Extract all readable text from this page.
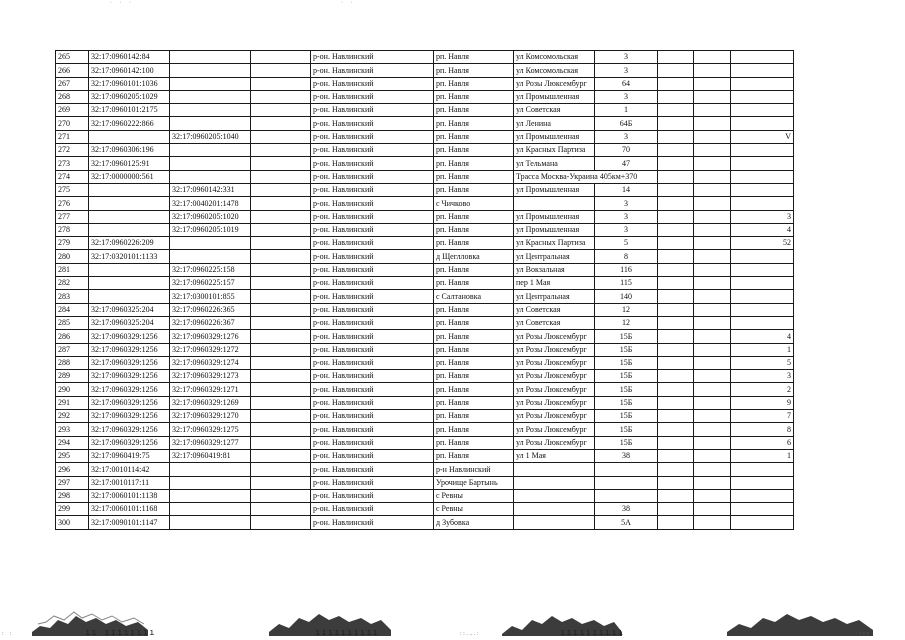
· · ·                                              · ·
265	32:17:0960142:84			р-он. Навлинский	рп. Навля	ул Комсомольская	3			
266	32:17:0960142:100			р-он. Навлинский	рп. Навля	ул Комсомольская	3			
267	32:17:0960101:1036			р-он. Навлинский	рп. Навля	ул Розы Люксембург	64			
268	32:17:0960205:1029			р-он. Навлинский	рп. Навля	ул Промышленная	3			
269	32:17:0960101:2175			р-он. Навлинский	рп. Навля	ул Советская	1			
270	32:17:0960222:866			р-он. Навлинский	рп. Навля	ул Ленина	64Б			
271		32:17:0960205:1040		р-он. Навлинский	рп. Навля	ул Промышленная	3			V
272	32:17:0960306:196			р-он. Навлинский	рп. Навля	ул Красных Партиза	70			
273	32:17:0960125:91			р-он. Навлинский	рп. Навля	ул Тельмана	47			
274	32:17:0000000:561			р-он. Навлинский	рп. Навля	Трасса Москва-Украина 405км+370				
275		32:17:0960142:331		р-он. Навлинский	рп. Навля	ул Промышленная	14			
276		32:17:0040201:1478		р-он. Навлинский	с Чичково		3			
277		32:17:0960205:1020		р-он. Навлинский	рп. Навля	ул Промышленная	3			3
278		32:17:0960205:1019		р-он. Навлинский	рп. Навля	ул Промышленная	3			4
279	32:17:0960226:209			р-он. Навлинский	рп. Навля	ул Красных Партиза	5			52
280	32:17:0320101:1133			р-он. Навлинский	д Щеглловка	ул Центральная	8			
281		32:17:0960225:158		р-он. Навлинский	рп. Навля	ул Вокзальная	116			
282		32:17:0960225:157		р-он. Навлинский	рп. Навля	пер 1 Мая	115			
283		32:17:0300101:855		р-он. Навлинский	с Салтановка	ул Центральная	140			
284	32:17:0960325:204	32:17:0960226:365		р-он. Навлинский	рп. Навля	ул Советская	12			
285	32:17:0960325:204	32:17:0960226:367		р-он. Навлинский	рп. Навля	ул Советская	12			
286	32:17:0960329:1256	32:17:0960329:1276		р-он. Навлинский	рп. Навля	ул Розы Люксембург	15Б			4
287	32:17:0960329:1256	32:17:0960329:1272		р-он. Навлинский	рп. Навля	ул Розы Люксембург	15Б			1
288	32:17:0960329:1256	32:17:0960329:1274		р-он. Навлинский	рп. Навля	ул Розы Люксембург	15Б			5
289	32:17:0960329:1256	32:17:0960329:1273		р-он. Навлинский	рп. Навля	ул Розы Люксембург	15Б			3
290	32:17:0960329:1256	32:17:0960329:1271		р-он. Навлинский	рп. Навля	ул Розы Люксембург	15Б			2
291	32:17:0960329:1256	32:17:0960329:1269		р-он. Навлинский	рп. Навля	ул Розы Люксембург	15Б			9
292	32:17:0960329:1256	32:17:0960329:1270		р-он. Навлинский	рп. Навля	ул Розы Люксембург	15Б			7
293	32:17:0960329:1256	32:17:0960329:1275		р-он. Навлинский	рп. Навля	ул Розы Люксембург	15Б			8
294	32:17:0960329:1256	32:17:0960329:1277		р-он. Навлинский	рп. Навля	ул Розы Люксембург	15Б			6
295	32:17:0960419:75	32:17:0960419:81		р-он. Навлинский	рп. Навля	ул 1 Мая	38			1
296	32:17:0010114:42			р-он. Навлинский	р-н Навлинский					
297	32:17:0010117:11			р-он. Навлинский	Урочище Бартынь					
298	32:17:0060101:1138			р-он. Навлинский	с Ревны					
299	32:17:0060101:1168			р-он. Навлинский	с Ревны		38			
300	32:17:0090101:1147			р-он. Навлинский	д Зубовка		5А			
ıı ıııııııı	ıııııııııı	ıııııııııı
:    :	: : . .. . :	: : :
